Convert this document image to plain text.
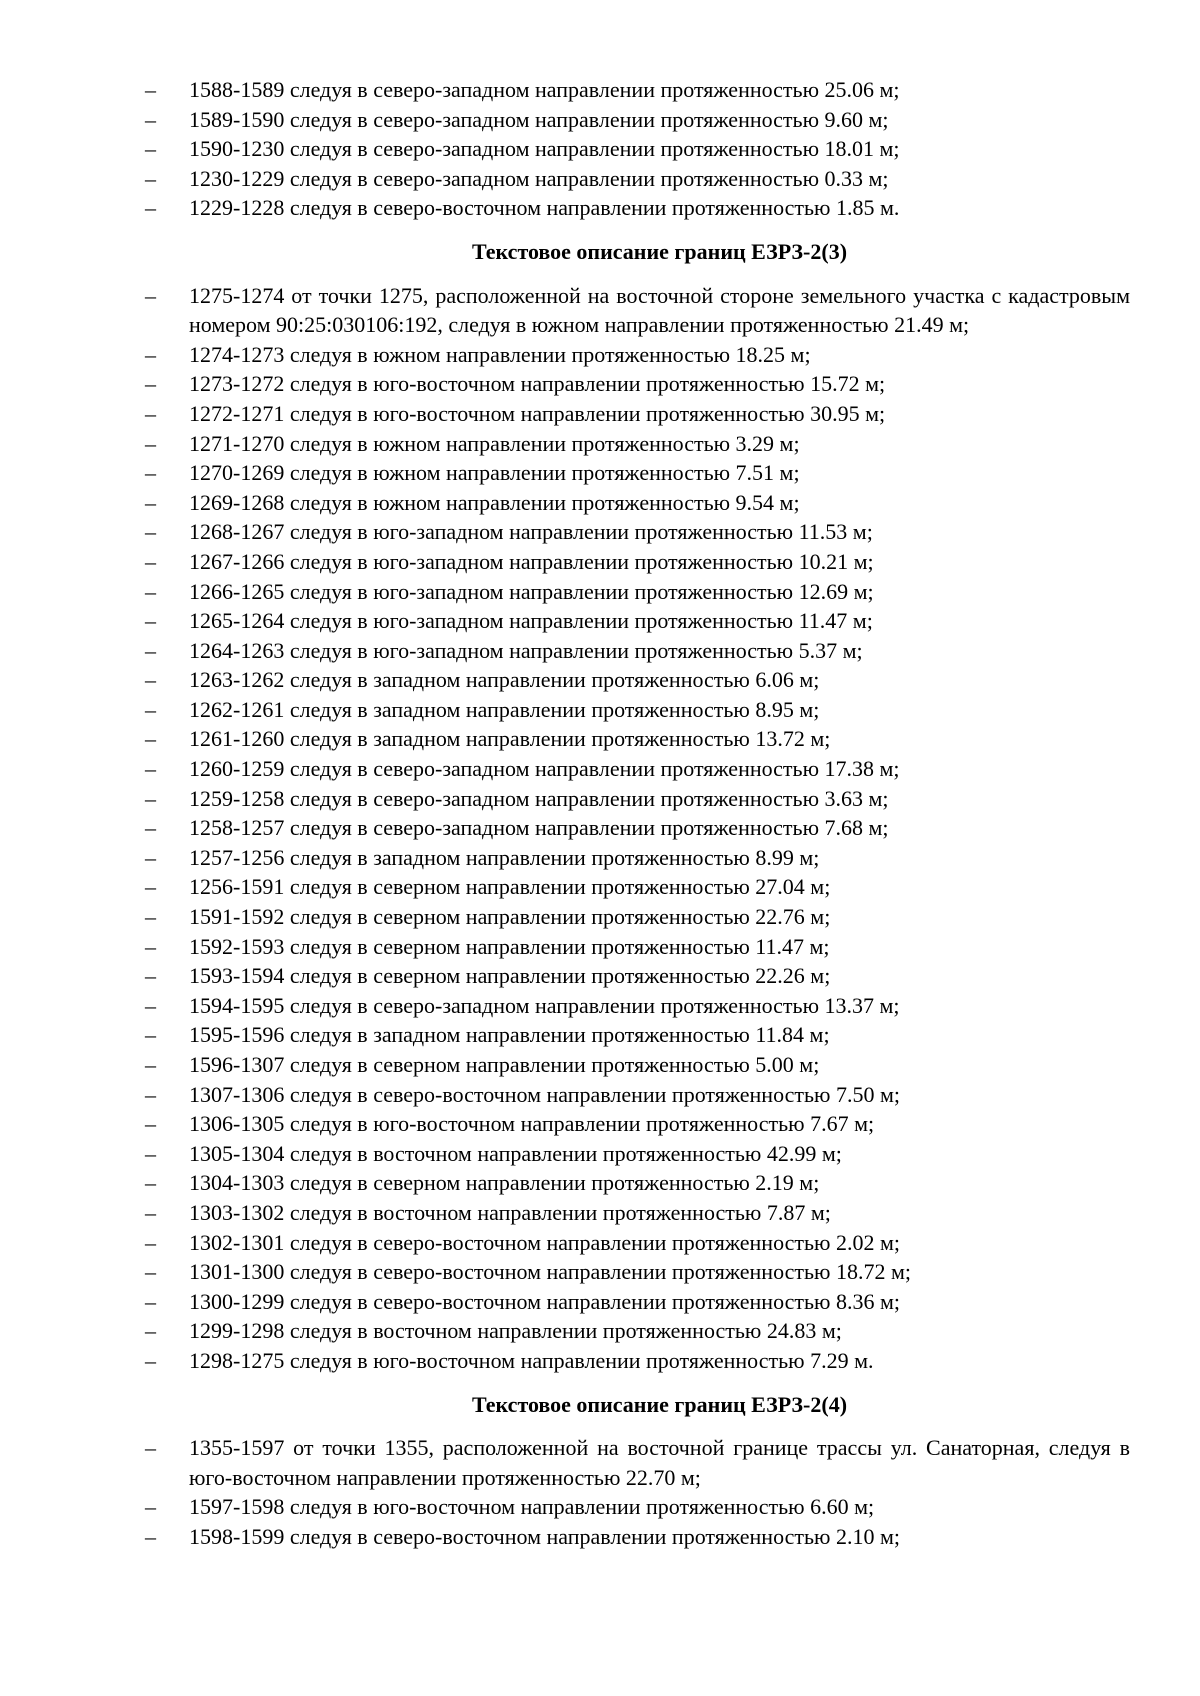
– 1588-1589 следуя в северо-западном направлении протяженностью 25.06 м;
– 1589-1590 следуя в северо-западном направлении протяженностью 9.60 м;
– 1590-1230 следуя в северо-западном направлении протяженностью 18.01 м;
– 1230-1229 следуя в северо-западном направлении протяженностью 0.33 м;
– 1229-1228 следуя в северо-восточном направлении протяженностью 1.85 м.
Текстовое описание границ ЕЗРЗ-2(3)
– 1275-1274 от точки 1275, расположенной на восточной стороне земельного участка с кадастровым номером 90:25:030106:192, следуя в южном направлении протяженностью 21.49 м;
– 1274-1273 следуя в южном направлении протяженностью 18.25 м;
– 1273-1272 следуя в юго-восточном направлении протяженностью 15.72 м;
– 1272-1271 следуя в юго-восточном направлении протяженностью 30.95 м;
– 1271-1270 следуя в южном направлении протяженностью 3.29 м;
– 1270-1269 следуя в южном направлении протяженностью 7.51 м;
– 1269-1268 следуя в южном направлении протяженностью 9.54 м;
– 1268-1267 следуя в юго-западном направлении протяженностью 11.53 м;
– 1267-1266 следуя в юго-западном направлении протяженностью 10.21 м;
– 1266-1265 следуя в юго-западном направлении протяженностью 12.69 м;
– 1265-1264 следуя в юго-западном направлении протяженностью 11.47 м;
– 1264-1263 следуя в юго-западном направлении протяженностью 5.37 м;
– 1263-1262 следуя в западном направлении протяженностью 6.06 м;
– 1262-1261 следуя в западном направлении протяженностью 8.95 м;
– 1261-1260 следуя в западном направлении протяженностью 13.72 м;
– 1260-1259 следуя в северо-западном направлении протяженностью 17.38 м;
– 1259-1258 следуя в северо-западном направлении протяженностью 3.63 м;
– 1258-1257 следуя в северо-западном направлении протяженностью 7.68 м;
– 1257-1256 следуя в западном направлении протяженностью 8.99 м;
– 1256-1591 следуя в северном направлении протяженностью 27.04 м;
– 1591-1592 следуя в северном направлении протяженностью 22.76 м;
– 1592-1593 следуя в северном направлении протяженностью 11.47 м;
– 1593-1594 следуя в северном направлении протяженностью 22.26 м;
– 1594-1595 следуя в северо-западном направлении протяженностью 13.37 м;
– 1595-1596 следуя в западном направлении протяженностью 11.84 м;
– 1596-1307 следуя в северном направлении протяженностью 5.00 м;
– 1307-1306 следуя в северо-восточном направлении протяженностью 7.50 м;
– 1306-1305 следуя в юго-восточном направлении протяженностью 7.67 м;
– 1305-1304 следуя в восточном направлении протяженностью 42.99 м;
– 1304-1303 следуя в северном направлении протяженностью 2.19 м;
– 1303-1302 следуя в восточном направлении протяженностью 7.87 м;
– 1302-1301 следуя в северо-восточном направлении протяженностью 2.02 м;
– 1301-1300 следуя в северо-восточном направлении протяженностью 18.72 м;
– 1300-1299 следуя в северо-восточном направлении протяженностью 8.36 м;
– 1299-1298 следуя в восточном направлении протяженностью 24.83 м;
– 1298-1275 следуя в юго-восточном направлении протяженностью 7.29 м.
Текстовое описание границ ЕЗРЗ-2(4)
– 1355-1597 от точки 1355, расположенной на восточной границе трассы ул. Санаторная, следуя в юго-восточном направлении протяженностью 22.70 м;
– 1597-1598 следуя в юго-восточном направлении протяженностью 6.60 м;
– 1598-1599 следуя в северо-восточном направлении протяженностью 2.10 м;
